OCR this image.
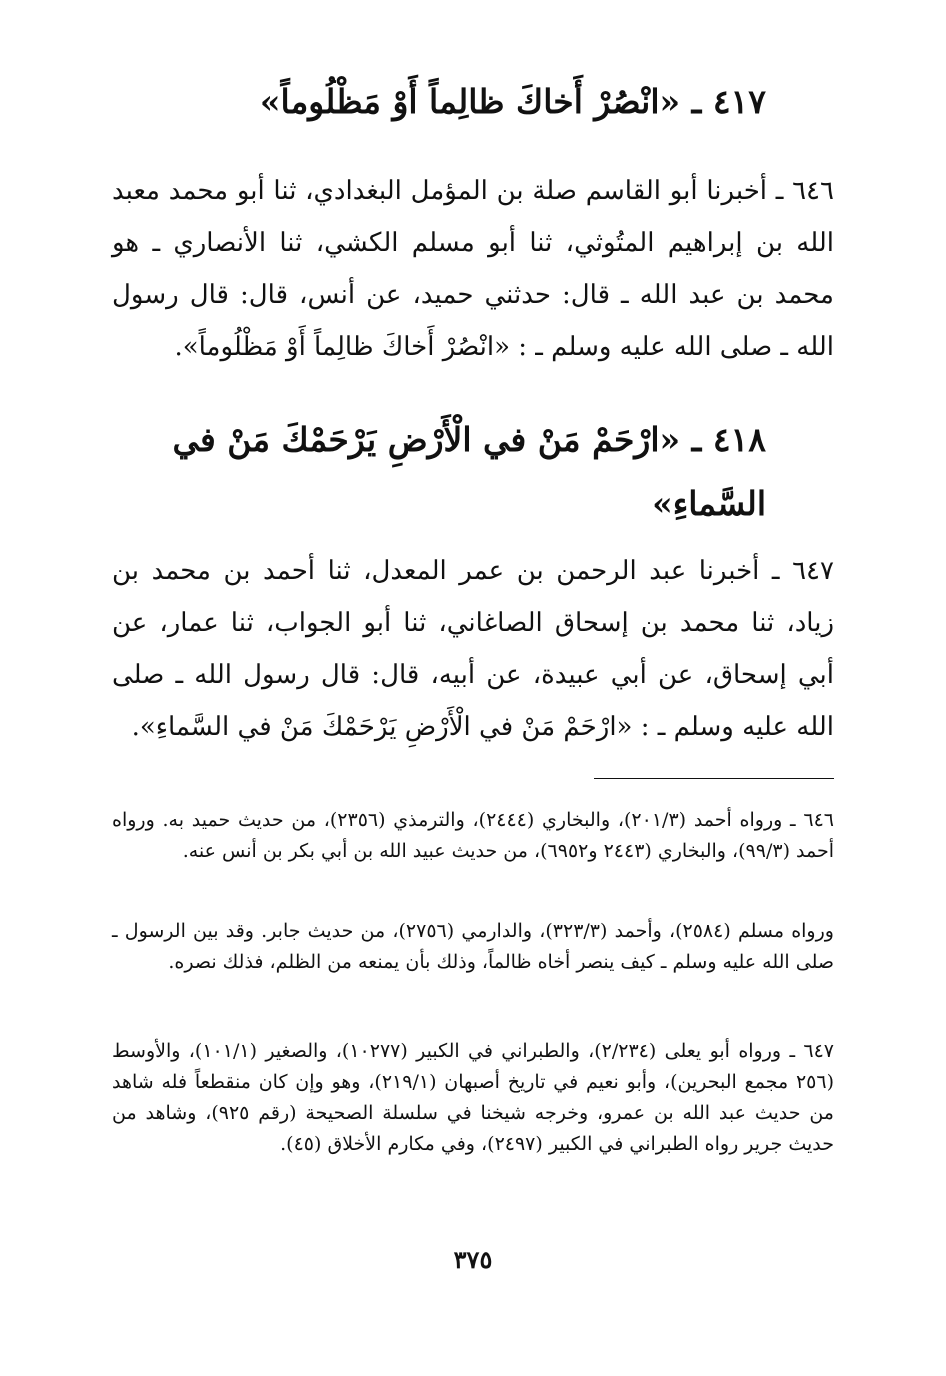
٤١٧ ـ «انْصُرْ أَخاكَ ظالِماً أَوْ مَظْلُوماً»
٦٤٦ ـ أخبرنا أبو القاسم صلة بن المؤمل البغدادي، ثنا أبو محمد معبد الله بن إبراهيم المتُوثي، ثنا أبو مسلم الكشي، ثنا الأنصاري ـ هو محمد بن عبد الله ـ قال: حدثني حميد، عن أنس، قال: قال رسول الله ـ صلى الله عليه وسلم ـ : «انْصُرْ أَخاكَ ظالِماً أَوْ مَظْلُوماً».
٤١٨ ـ «ارْحَمْ مَنْ في الْأَرْضِ يَرْحَمْكَ مَنْ في السَّماءِ»
٦٤٧ ـ أخبرنا عبد الرحمن بن عمر المعدل، ثنا أحمد بن محمد بن زياد، ثنا محمد بن إسحاق الصاغاني، ثنا أبو الجواب، ثنا عمار، عن أبي إسحاق، عن أبي عبيدة، عن أبيه، قال: قال رسول الله ـ صلى الله عليه وسلم ـ : «ارْحَمْ مَنْ في الْأَرْضِ يَرْحَمْكَ مَنْ في السَّماءِ».

٦٤٦ ـ ورواه أحمد (٢٠١/٣)، والبخاري (٢٤٤٤)، والترمذي (٢٣٥٦)، من حديث حميد به. ورواه أحمد (٩٩/٣)، والبخاري (٢٤٤٣ و٦٩٥٢)، من حديث عبيد الله بن أبي بكر بن أنس عنه.

ورواه مسلم (٢٥٨٤)، وأحمد (٣٢٣/٣)، والدارمي (٢٧٥٦)، من حديث جابر. وقد بين الرسول ـ صلى الله عليه وسلم ـ كيف ينصر أخاه ظالماً، وذلك بأن يمنعه من الظلم، فذلك نصره.

٦٤٧ ـ ورواه أبو يعلى (٢/٢٣٤)، والطبراني في الكبير (١٠٢٧٧)، والصغير (١٠١/١)، والأوسط (٢٥٦ مجمع البحرين)، وأبو نعيم في تاريخ أصبهان (٢١٩/١)، وهو وإن كان منقطعاً فله شاهد من حديث عبد الله بن عمرو، وخرجه شيخنا في سلسلة الصحيحة (رقم ٩٢٥)، وشاهد من حديث جرير رواه الطبراني في الكبير (٢٤٩٧)، وفي مكارم الأخلاق (٤٥).

٣٧٥
